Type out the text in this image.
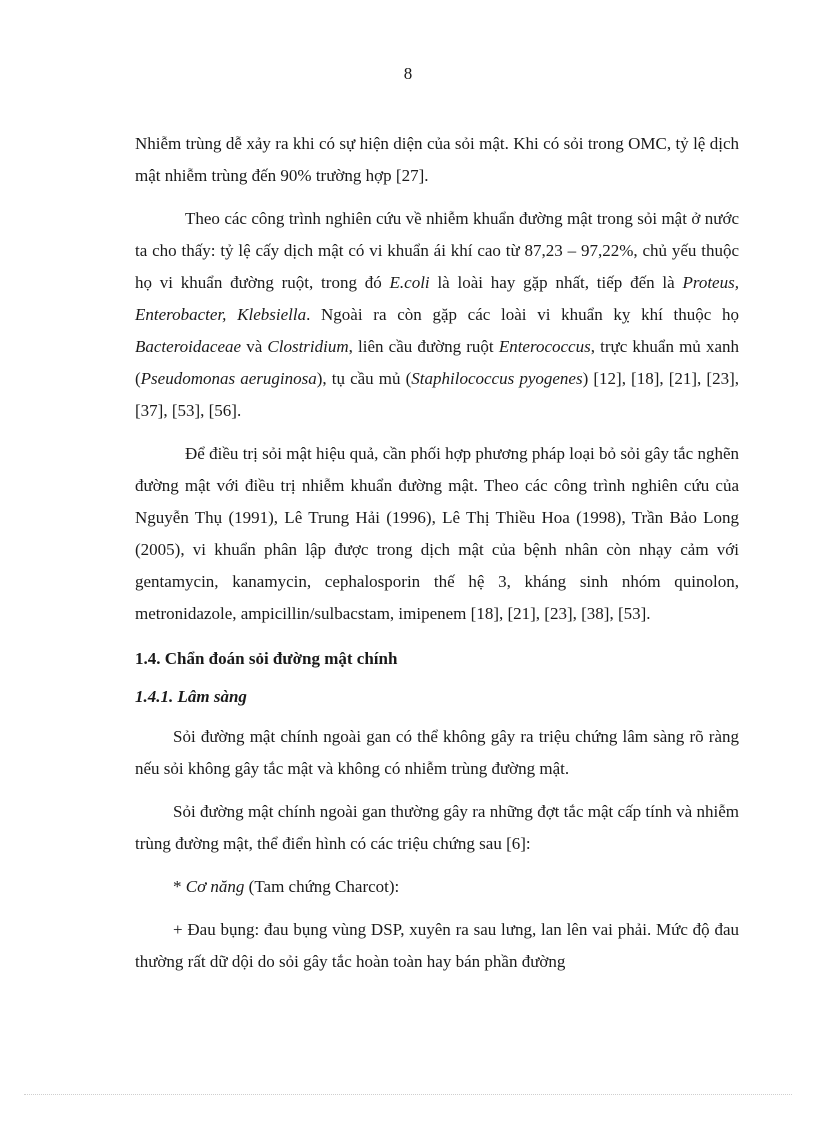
8

Nhiễm trùng dễ xảy ra khi có sự hiện diện của sỏi mật. Khi có sỏi trong OMC, tỷ lệ dịch mật nhiễm trùng đến 90% trường hợp [27].

Theo các công trình nghiên cứu về nhiễm khuẩn đường mật trong sỏi mật ở nước ta cho thấy: tỷ lệ cấy dịch mật có vi khuẩn ái khí cao từ 87,23 – 97,22%, chủ yếu thuộc họ vi khuẩn đường ruột, trong đó E.coli là loài hay gặp nhất, tiếp đến là Proteus, Enterobacter, Klebsiella. Ngoài ra còn gặp các loài vi khuẩn kỵ khí thuộc họ Bacteroidaceae và Clostridium, liên cầu đường ruột Enterococcus, trực khuẩn mủ xanh (Pseudomonas aeruginosa), tụ cầu mủ (Staphilococcus pyogenes) [12], [18], [21], [23], [37], [53], [56].

Để điều trị sỏi mật hiệu quả, cần phối hợp phương pháp loại bỏ sỏi gây tắc nghẽn đường mật với điều trị nhiễm khuẩn đường mật. Theo các công trình nghiên cứu của Nguyễn Thụ (1991), Lê Trung Hải (1996), Lê Thị Thiều Hoa (1998), Trần Bảo Long (2005), vi khuẩn phân lập được trong dịch mật của bệnh nhân còn nhạy cảm với gentamycin, kanamycin, cephalosporin thế hệ 3, kháng sinh nhóm quinolon, metronidazole, ampicillin/sulbacstam, imipenem [18], [21], [23], [38], [53].

1.4. Chẩn đoán sỏi đường mật chính
1.4.1. Lâm sàng

Sỏi đường mật chính ngoài gan có thể không gây ra triệu chứng lâm sàng rõ ràng nếu sỏi không gây tắc mật và không có nhiễm trùng đường mật.

Sỏi đường mật chính ngoài gan thường gây ra những đợt tắc mật cấp tính và nhiễm trùng đường mật, thể điển hình có các triệu chứng sau [6]:

* Cơ năng (Tam chứng Charcot):

+ Đau bụng: đau bụng vùng DSP, xuyên ra sau lưng, lan lên vai phải. Mức độ đau thường rất dữ dội do sỏi gây tắc hoàn toàn hay bán phần đường
